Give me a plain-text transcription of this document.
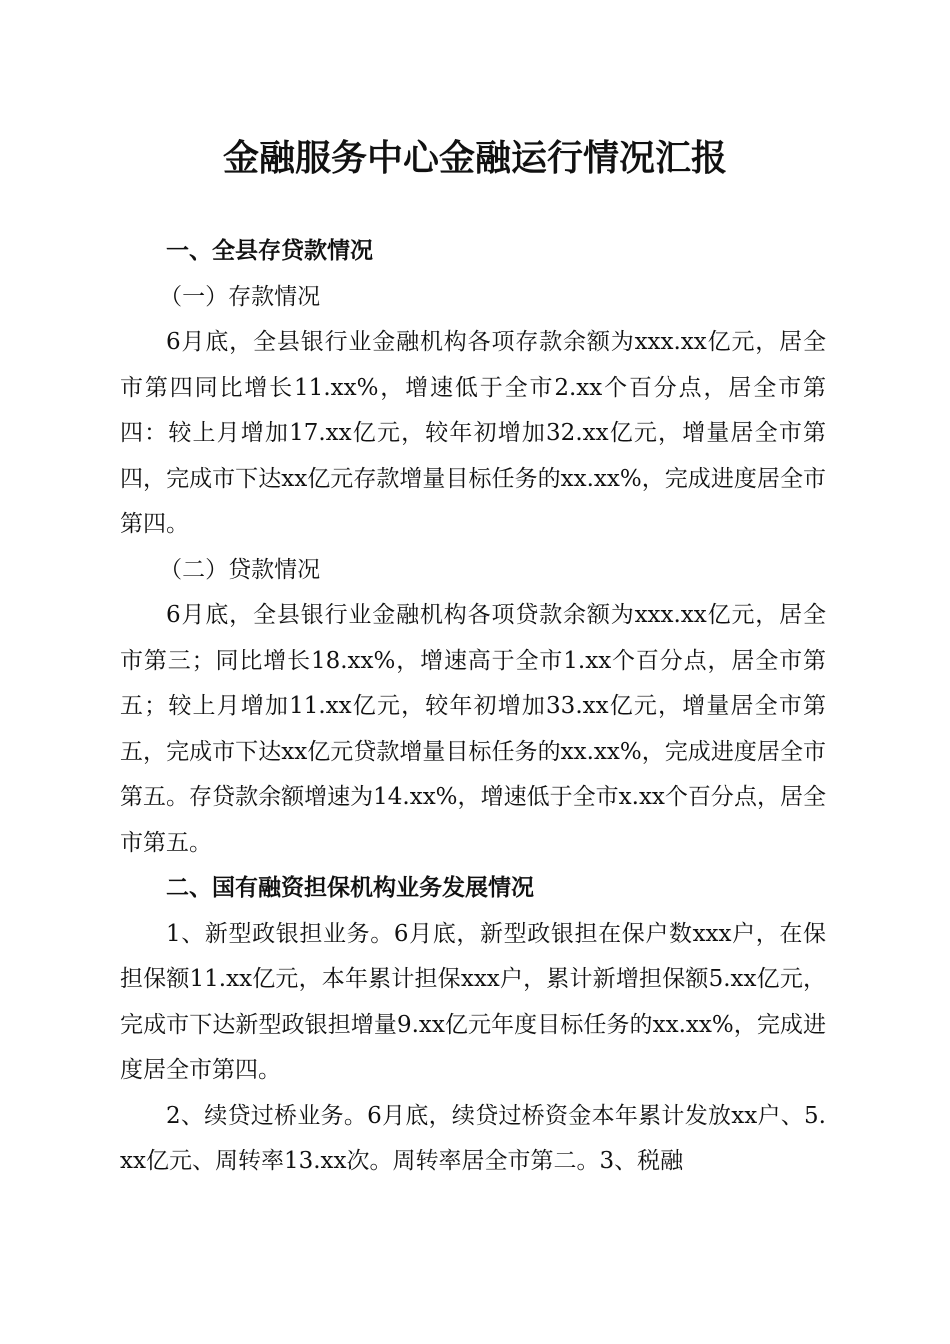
金融服务中心金融运行情况汇报

一、全县存贷款情况

（一）存款情况

6月底，全县银行业金融机构各项存款余额为xxx.xx亿元，居全市第四同比增长11.xx%，增速低于全市2.xx个百分点，居全市第四：较上月增加17.xx亿元，较年初增加32.xx亿元，增量居全市第四，完成市下达xx亿元存款增量目标任务的xx.xx%，完成进度居全市第四。

（二）贷款情况

6月底，全县银行业金融机构各项贷款余额为xxx.xx亿元，居全市第三；同比增长18.xx%，增速高于全市1.xx个百分点，居全市第五；较上月增加11.xx亿元，较年初增加33.xx亿元，增量居全市第五，完成市下达xx亿元贷款增量目标任务的xx.xx%，完成进度居全市第五。存贷款余额增速为14.xx%，增速低于全市x.xx个百分点，居全市第五。

二、国有融资担保机构业务发展情况

1、新型政银担业务。6月底，新型政银担在保户数xxx户，在保担保额11.xx亿元，本年累计担保xxx户，累计新增担保额5.xx亿元，完成市下达新型政银担增量9.xx亿元年度目标任务的xx.xx%，完成进度居全市第四。

2、续贷过桥业务。6月底，续贷过桥资金本年累计发放xx户、5.xx亿元、周转率13.xx次。周转率居全市第二。3、税融
